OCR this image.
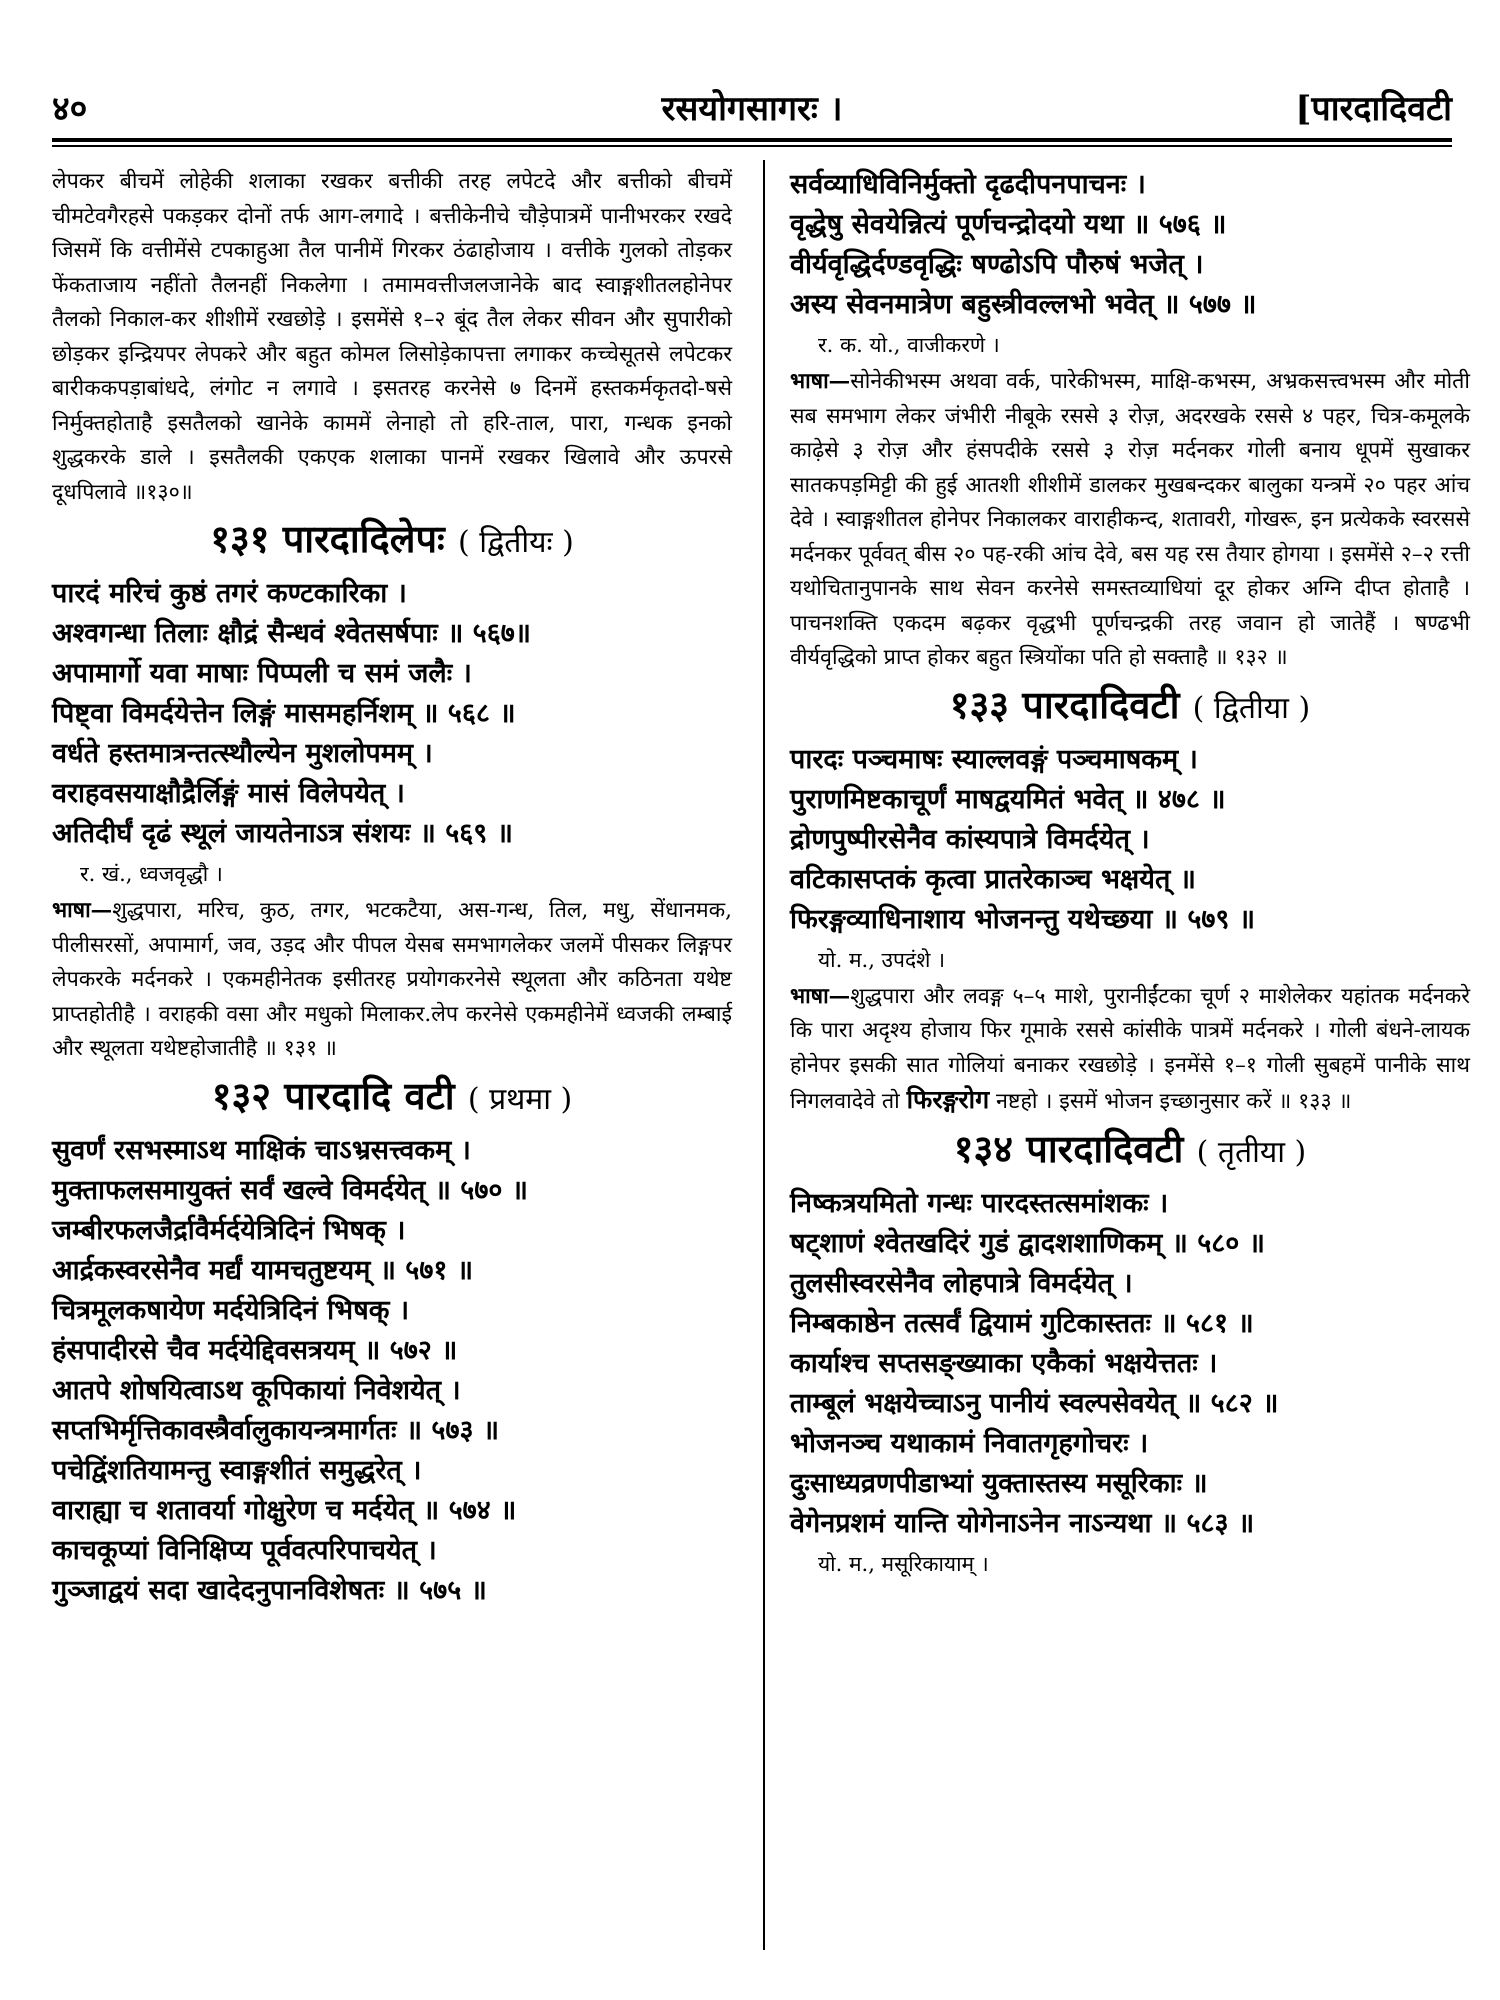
४०	रसयोगसागरः ।	[पारदादिवटी

लेपकर बीचमें लोहेकी शलाका रखकर बत्तीकी तरह लपेटदे और बत्तीको बीचमें चीमटेवगैरहसे पकड़कर दोनों तर्फ आग-लगादे । बत्तीकेनीचे चौड़ेपात्रमें पानीभरकर रखदे जिसमें कि वत्तीमेंसे टपकाहुआ तैल पानीमें गिरकर ठंढाहोजाय । वत्तीके गुलको तोड़कर फेंकताजाय नहींतो तैलनहीं निकलेगा । तमामवत्तीजलजानेके बाद स्वाङ्गशीतलहोनेपर तैलको निकाल-कर शीशीमें रखछोड़े । इसमेंसे १–२ बूंद तैल लेकर सीवन और सुपारीको छोड़कर इन्द्रियपर लेपकरे और बहुत कोमल लिसोड़ेकापत्ता लगाकर कच्चेसूतसे लपेटकर बारीककपड़ाबांधदे, लंगोट न लगावे । इसतरह करनेसे ७ दिनमें हस्तकर्मकृतदो-षसे निर्मुक्तहोताहै इसतैलको खानेके काममें लेनाहो तो हरि-ताल, पारा, गन्धक इनको शुद्धकरके डाले । इसतैलकी एकएक शलाका पानमें रखकर खिलावे और ऊपरसे दूधपिलावे ॥१३०॥

१३१ पारदादिलेपः ( द्वितीयः )

पारदं मरिचं कुष्ठं तगरं कण्टकारिका ।

अश्वगन्धा तिलाः क्षौद्रं सैन्धवं श्वेतसर्षपाः ॥ ५६७॥

अपामार्गो यवा माषाः पिप्पली च समं जलैः ।

पिष्ट्वा विमर्दयेत्तेन लिङ्गं मासमहर्निशम् ॥ ५६८ ॥

वर्धते हस्तमात्रन्तत्स्थौल्येन मुशलोपमम् ।

वराहवसयाक्षौद्रैर्लिङ्गं मासं विलेपयेत् ।

अतिदीर्घं दृढं स्थूलं जायतेनाऽत्र संशयः ॥ ५६९ ॥

र. खं., ध्वजवृद्धौ ।

भाषा—शुद्धपारा, मरिच, कुठ, तगर, भटकटैया, अस-गन्ध, तिल, मधु, सेंधानमक, पीलीसरसों, अपामार्ग, जव, उड़द और पीपल येसब समभागलेकर जलमें पीसकर लिङ्गपर लेपकरके मर्दनकरे । एकमहीनेतक इसीतरह प्रयोगकरनेसे स्थूलता और कठिनता यथेष्ट प्राप्तहोतीहै । वराहकी वसा और मधुको मिलाकर.लेप करनेसे एकमहीनेमें ध्वजकी लम्बाई और स्थूलता यथेष्टहोजातीहै ॥ १३१ ॥

१३२ पारदादि वटी ( प्रथमा )

सुवर्णं रसभस्माऽथ माक्षिकं चाऽभ्रसत्त्वकम् ।

मुक्ताफलसमायुक्तं सर्वं खल्वे विमर्दयेत् ॥ ५७० ॥

जम्बीरफलजैर्द्रावैर्मर्दयेत्रिदिनं भिषक् ।

आर्द्रकस्वरसेनैव मर्द्यं यामचतुष्टयम् ॥ ५७१ ॥

चित्रमूलकषायेण मर्दयेत्रिदिनं भिषक् ।

हंसपादीरसे चैव मर्दयेद्दिवसत्रयम् ॥ ५७२ ॥

आतपे शोषयित्वाऽथ कूपिकायां निवेशयेत् ।

सप्तभिर्मृत्तिकावस्त्रैर्वालुकायन्त्रमार्गतः ॥ ५७३ ॥

पचेद्विंशतियामन्तु स्वाङ्गशीतं समुद्धरेत् ।

वाराह्या च शतावर्या गोक्षुरेण च मर्दयेत् ॥ ५७४ ॥

काचकूप्यां विनिक्षिप्य पूर्ववत्परिपाचयेत् ।

गुञ्जाद्वयं सदा खादेदनुपानविशेषतः ॥ ५७५ ॥

सर्वव्याधिविनिर्मुक्तो दृढदीपनपाचनः ।

वृद्धेषु सेवयेन्नित्यं पूर्णचन्द्रोदयो यथा ॥ ५७६ ॥

वीर्यवृद्धिर्दण्डवृद्धिः षण्ढोऽपि पौरुषं भजेत् ।

अस्य सेवनमात्रेण बहुस्त्रीवल्लभो भवेत् ॥ ५७७ ॥

र. क. यो., वाजीकरणे ।

भाषा—सोनेकीभस्म अथवा वर्क, पारेकीभस्म, माक्षि-कभस्म, अभ्रकसत्त्वभस्म और मोती सब समभाग लेकर जंभीरी नीबूके रससे ३ रोज़, अदरखके रससे ४ पहर, चित्र-कमूलके काढ़ेसे ३ रोज़ और हंसपदीके रससे ३ रोज़ मर्दनकर गोली बनाय धूपमें सुखाकर सातकपड़मिट्टी की हुई आतशी शीशीमें डालकर मुखबन्दकर बालुका यन्त्रमें २० पहर आंच देवे । स्वाङ्गशीतल होनेपर निकालकर वाराहीकन्द, शतावरी, गोखरू, इन प्रत्येकके स्वरससे मर्दनकर पूर्ववत् बीस २० पह-रकी आंच देवे, बस यह रस तैयार होगया । इसमेंसे २–२ रत्ती यथोचितानुपानके साथ सेवन करनेसे समस्तव्याधियां दूर होकर अग्नि दीप्त होताहै । पाचनशक्ति एकदम बढ़कर वृद्धभी पूर्णचन्द्रकी तरह जवान हो जातेहैं । षण्ढभी वीर्यवृद्धिको प्राप्त होकर बहुत स्त्रियोंका पति हो सक्ताहै ॥ १३२ ॥

१३३ पारदादिवटी ( द्वितीया )

पारदः पञ्चमाषः स्याल्लवङ्गं पञ्चमाषकम् ।

पुराणमिष्टकाचूर्णं माषद्वयमितं भवेत् ॥ ४७८ ॥

द्रोणपुष्पीरसेनैव कांस्यपात्रे विमर्दयेत् ।

वटिकासप्तकं कृत्वा प्रातरेकाञ्च भक्षयेत् ॥

फिरङ्गव्याधिनाशाय भोजनन्तु यथेच्छया ॥ ५७९ ॥

यो. म., उपदंशे ।

भाषा—शुद्धपारा और लवङ्ग ५–५ माशे, पुरानीईंटका चूर्ण २ माशेलेकर यहांतक मर्दनकरे कि पारा अदृश्य होजाय फिर गूमाके रससे कांसीके पात्रमें मर्दनकरे । गोली बंधने-लायक होनेपर इसकी सात गोलियां बनाकर रखछोड़े । इनमेंसे १–१ गोली सुबहमें पानीके साथ निगलवादेवे तो फिरङ्गरोग नष्टहो । इसमें भोजन इच्छानुसार करें ॥ १३३ ॥

१३४ पारदादिवटी ( तृतीया )

निष्कत्रयमितो गन्धः पारदस्तत्समांशकः ।

षट्शाणं श्वेतखदिरं गुडं द्वादशशाणिकम् ॥ ५८० ॥

तुलसीस्वरसेनैव लोहपात्रे विमर्दयेत् ।

निम्बकाष्ठेन तत्सर्वं द्वियामं गुटिकास्ततः ॥ ५८१ ॥

कार्याश्च सप्तसङ्ख्याका एकैकां भक्षयेत्ततः ।

ताम्बूलं भक्षयेच्चाऽनु पानीयं स्वल्पसेवयेत् ॥ ५८२ ॥

भोजनञ्च यथाकामं निवातगृहगोचरः ।

दुःसाध्यव्रणपीडाभ्यां युक्तास्तस्य मसूरिकाः ॥

वेगेनप्रशमं यान्ति योगेनाऽनेन नाऽन्यथा ॥ ५८३ ॥

यो. म., मसूरिकायाम् ।
